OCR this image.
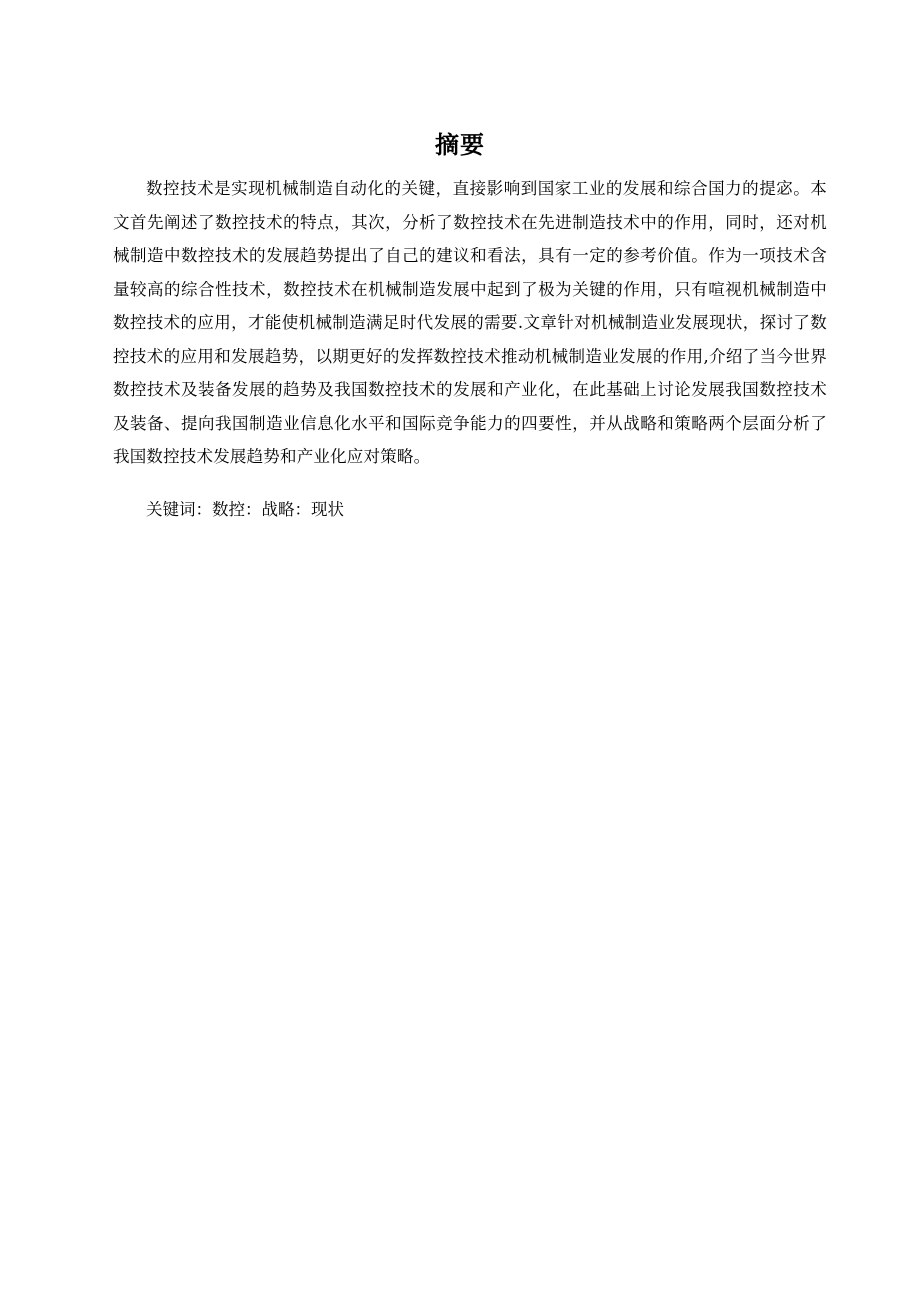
摘要

数控技术是实现机械制造自动化的关键，直接影响到国家工业的发展和综合国力的提宓。本文首先阐述了数控技术的特点，其次，分析了数控技术在先进制造技术中的作用，同时，还对机械制造中数控技术的发展趋势提出了自己的建议和看法，具有一定的参考价值。作为一项技术含量较高的综合性技术，数控技术在机械制造发展中起到了极为关键的作用，只有喧视机械制造中数控技术的应用，才能使机械制造满足时代发展的需要.文章针对机械制造业发展现状，探讨了数控技术的应用和发展趋势，以期更好的发挥数控技术推动机械制造业发展的作用,介绍了当今世界数控技术及装备发展的趋势及我国数控技术的发展和产业化，在此基础上讨论发展我国数控技术及装备、提向我国制造业信息化水平和国际竞争能力的四要性，并从战略和策略两个层面分析了我国数控技术发展趋势和产业化应对策略。

关键词：数控：战略：现状
